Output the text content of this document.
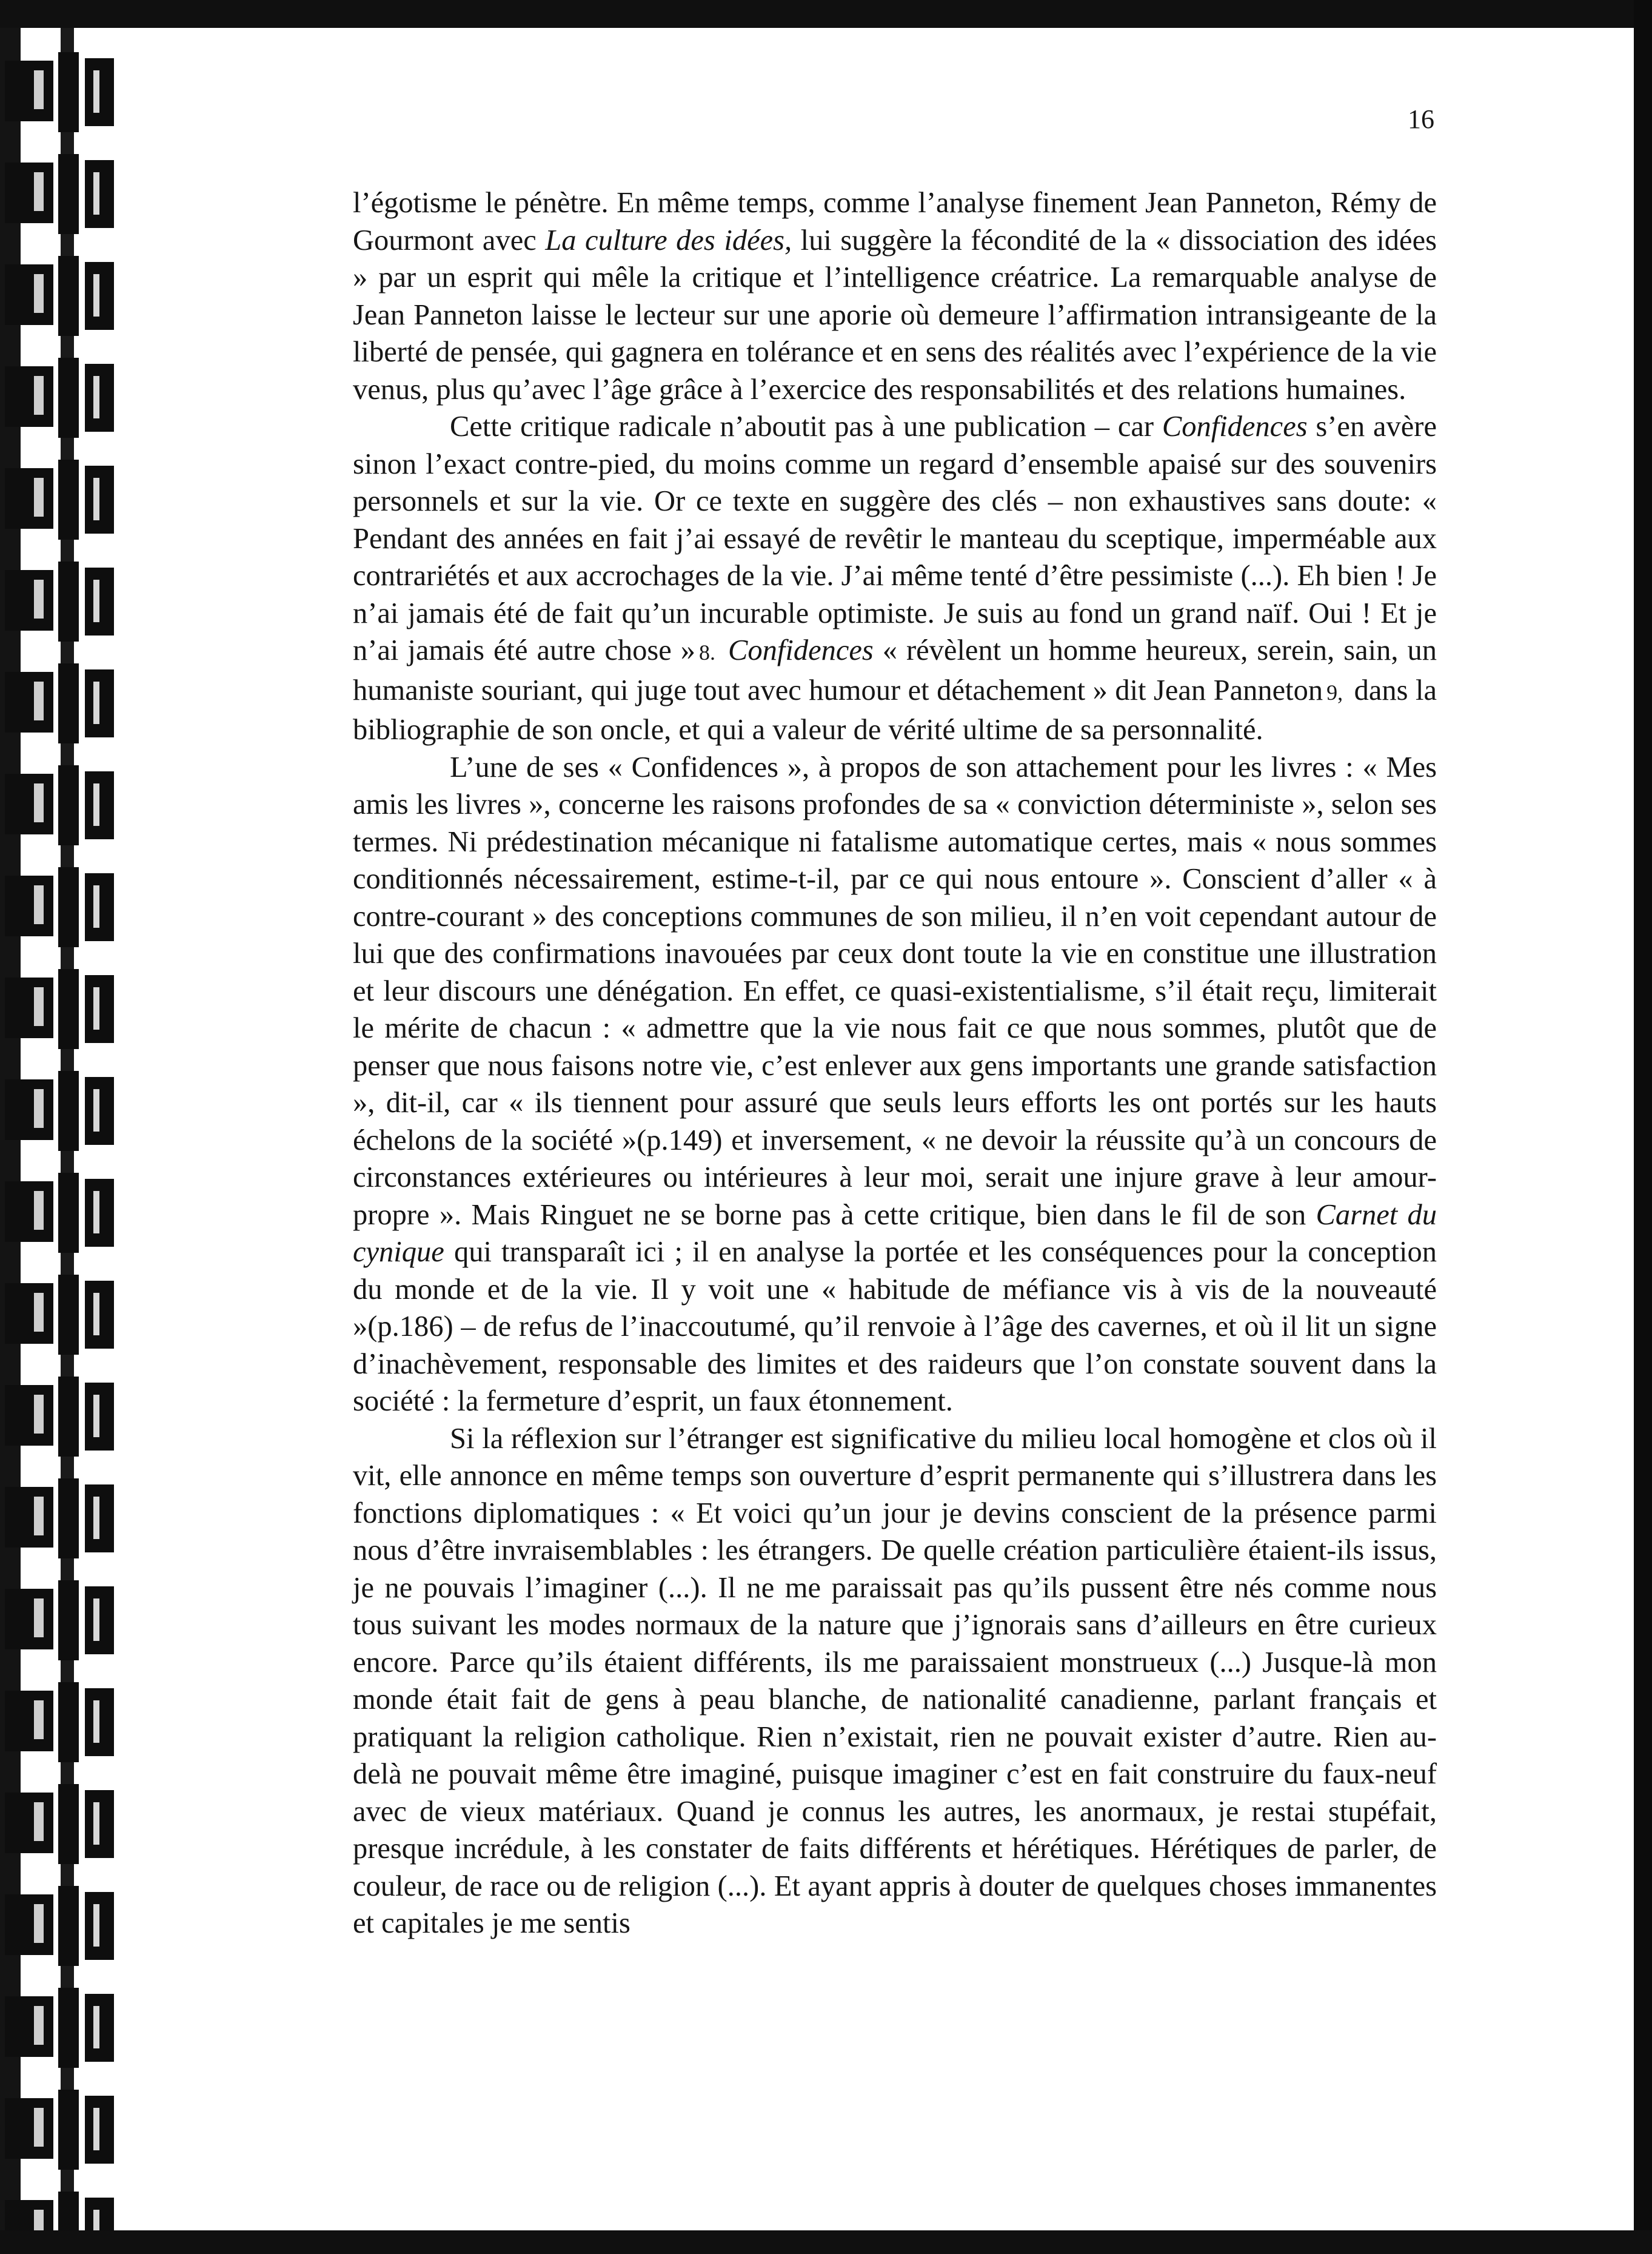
16

l’égotisme le pénètre. En même temps, comme l’analyse finement Jean Panneton, Rémy de Gourmont avec La culture des idées, lui suggère la fécondité de la « dissociation des idées » par un esprit qui mêle la critique et l’intelligence créatrice. La remarquable analyse de Jean Panneton laisse le lecteur sur une aporie où demeure l’affirmation intransigeante de la liberté de pensée, qui gagnera en tolérance et en sens des réalités avec l’expérience de la vie venus, plus qu’avec l’âge grâce à l’exercice des responsabilités et des relations humaines.

Cette critique radicale n’aboutit pas à une publication – car Confidences s’en avère sinon l’exact contre-pied, du moins comme un regard d’ensemble apaisé sur des souvenirs personnels et sur la vie. Or ce texte en suggère des clés – non exhaustives sans doute: « Pendant des années en fait j’ai essayé de revêtir le manteau du sceptique, imperméable aux contrariétés et aux accrochages de la vie. J’ai même tenté d’être pessimiste (...). Eh bien ! Je n’ai jamais été de fait qu’un incurable optimiste. Je suis au fond un grand naïf. Oui ! Et je n’ai jamais été autre chose » 8. Confidences « révèlent un homme heureux, serein, sain, un humaniste souriant, qui juge tout avec humour et détachement » dit Jean Panneton 9, dans la bibliographie de son oncle, et qui a valeur de vérité ultime de sa personnalité.

L’une de ses « Confidences », à propos de son attachement pour les livres : « Mes amis les livres », concerne les raisons profondes de sa « conviction déterministe », selon ses termes. Ni prédestination mécanique ni fatalisme automatique certes, mais « nous sommes conditionnés nécessairement, estime-t-il, par ce qui nous entoure ». Conscient d’aller « à contre-courant » des conceptions communes de son milieu, il n’en voit cependant autour de lui que des confirmations inavouées par ceux dont toute la vie en constitue une illustration et leur discours une dénégation. En effet, ce quasi-existentialisme, s’il était reçu, limiterait le mérite de chacun : « admettre que la vie nous fait ce que nous sommes, plutôt que de penser que nous faisons notre vie, c’est enlever aux gens importants une grande satisfaction », dit-il, car « ils tiennent pour assuré que seuls leurs efforts les ont portés sur les hauts échelons de la société »(p.149) et inversement, « ne devoir la réussite qu’à un concours de circonstances extérieures ou intérieures à leur moi, serait une injure grave à leur amour-propre ». Mais Ringuet ne se borne pas à cette critique, bien dans le fil de son Carnet du cynique qui transparaît ici ; il en analyse la portée et les conséquences pour la conception du monde et de la vie. Il y voit une « habitude de méfiance vis à vis de la nouveauté »(p.186) – de refus de l’inaccoutumé, qu’il renvoie à l’âge des cavernes, et où il lit un signe d’inachèvement, responsable des limites et des raideurs que l’on constate souvent dans la société : la fermeture d’esprit, un faux étonnement.

Si la réflexion sur l’étranger est significative du milieu local homogène et clos où il vit, elle annonce en même temps son ouverture d’esprit permanente qui s’illustrera dans les fonctions diplomatiques : « Et voici qu’un jour je devins conscient de la présence parmi nous d’être invraisemblables : les étrangers. De quelle création particulière étaient-ils issus, je ne pouvais l’imaginer (...). Il ne me paraissait pas qu’ils pussent être nés comme nous tous suivant les modes normaux de la nature que j’ignorais sans d’ailleurs en être curieux encore. Parce qu’ils étaient différents, ils me paraissaient monstrueux (...) Jusque-là mon monde était fait de gens à peau blanche, de nationalité canadienne, parlant français et pratiquant la religion catholique. Rien n’existait, rien ne pouvait exister d’autre. Rien au-delà ne pouvait même être imaginé, puisque imaginer c’est en fait construire du faux-neuf avec de vieux matériaux. Quand je connus les autres, les anormaux, je restai stupéfait, presque incrédule, à les constater de faits différents et hérétiques. Hérétiques de parler, de couleur, de race ou de religion (...). Et ayant appris à douter de quelques choses immanentes et capitales je me sentis
